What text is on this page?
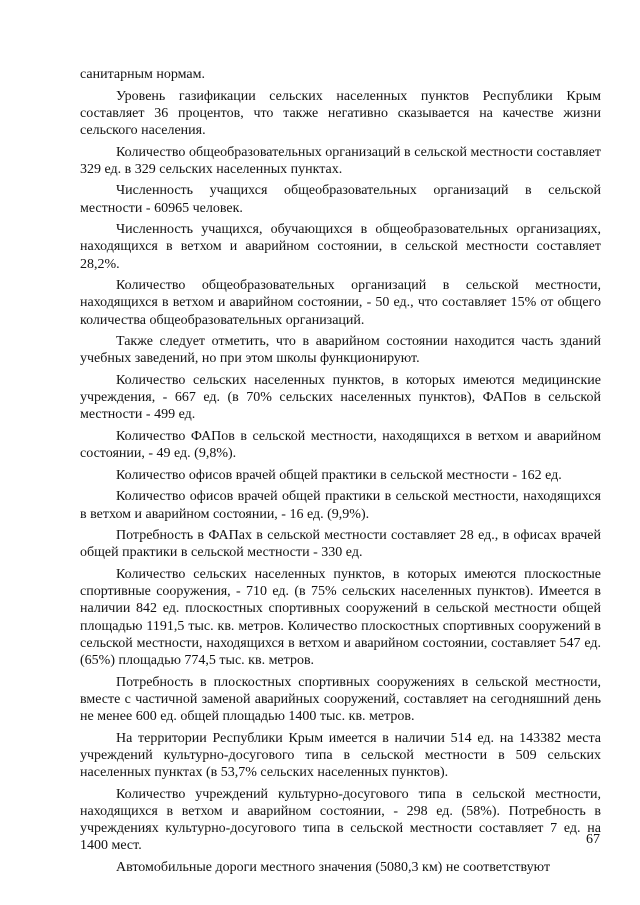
санитарным нормам.

Уровень газификации сельских населенных пунктов Республики Крым составляет 36 процентов, что также негативно сказывается на качестве жизни сельского населения.

Количество общеобразовательных организаций в сельской местности составляет 329 ед. в 329 сельских населенных пунктах.

Численность учащихся общеобразовательных организаций в сельской местности - 60965 человек.

Численность учащихся, обучающихся в общеобразовательных организациях, находящихся в ветхом и аварийном состоянии, в сельской местности составляет 28,2%.

Количество общеобразовательных организаций в сельской местности, находящихся в ветхом и аварийном состоянии, - 50 ед., что составляет 15% от общего количества общеобразовательных организаций.

Также следует отметить, что в аварийном состоянии находится часть зданий учебных заведений, но при этом школы функционируют.

Количество сельских населенных пунктов, в которых имеются медицинские учреждения, - 667 ед. (в 70% сельских населенных пунктов), ФАПов в сельской местности - 499 ед.

Количество ФАПов в сельской местности, находящихся в ветхом и аварийном состоянии, - 49 ед. (9,8%).

Количество офисов врачей общей практики в сельской местности - 162 ед.

Количество офисов врачей общей практики в сельской местности, находящихся в ветхом и аварийном состоянии, - 16 ед. (9,9%).

Потребность в ФАПах в сельской местности составляет 28 ед., в офисах врачей общей практики в сельской местности - 330 ед.

Количество сельских населенных пунктов, в которых имеются плоскостные спортивные сооружения, - 710 ед. (в 75% сельских населенных пунктов). Имеется в наличии 842 ед. плоскостных спортивных сооружений в сельской местности общей площадью 1191,5 тыс. кв. метров. Количество плоскостных спортивных сооружений в сельской местности, находящихся в ветхом и аварийном состоянии, составляет 547 ед. (65%) площадью 774,5 тыс. кв. метров.

Потребность в плоскостных спортивных сооружениях в сельской местности, вместе с частичной заменой аварийных сооружений, составляет на сегодняшний день не менее 600 ед. общей площадью 1400 тыс. кв. метров.

На территории Республики Крым имеется в наличии 514 ед. на 143382 места учреждений культурно-досугового типа в сельской местности в 509 сельских населенных пунктах (в 53,7% сельских населенных пунктов).

Количество учреждений культурно-досугового типа в сельской местности, находящихся в ветхом и аварийном состоянии, - 298 ед. (58%). Потребность в учреждениях культурно-досугового типа в сельской местности составляет 7 ед. на 1400 мест.

Автомобильные дороги местного значения (5080,3 км) не соответствуют

67
